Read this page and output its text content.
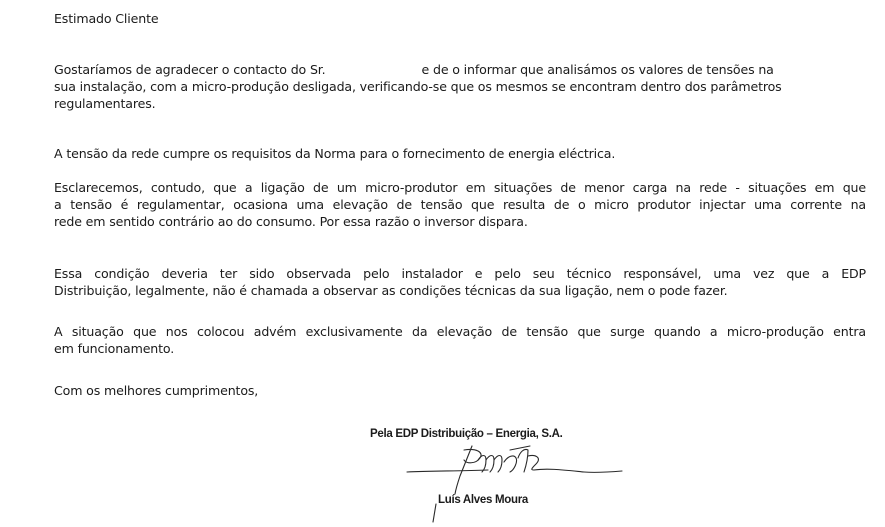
Estimado Cliente
Gostaríamos de agradecer o contacto do Sr.	e de o informar que analisámos os valores de tensões na
sua instalação, com a micro-produção desligada, verificando-se que os mesmos se encontram dentro dos parâmetros
regulamentares.
A tensão da rede cumpre os requisitos da Norma para o fornecimento de energia eléctrica.
Esclarecemos, contudo, que a ligação de um micro-produtor em situações de menor carga na rede - situações em que
a tensão é regulamentar, ocasiona uma elevação de tensão que resulta de o micro produtor injectar uma corrente na
rede em sentido contrário ao do consumo. Por essa razão o inversor dispara.
Essa condição deveria ter sido observada pelo instalador e pelo seu técnico responsável, uma vez que a EDP
Distribuição, legalmente, não é chamada a observar as condições técnicas da sua ligação, nem o pode fazer.
A situação que nos colocou advém exclusivamente da elevação de tensão que surge quando a micro-produção entra
em funcionamento.
Com os melhores cumprimentos,
Pela EDP Distribuição – Energia, S.A.
Luís Alves Moura
